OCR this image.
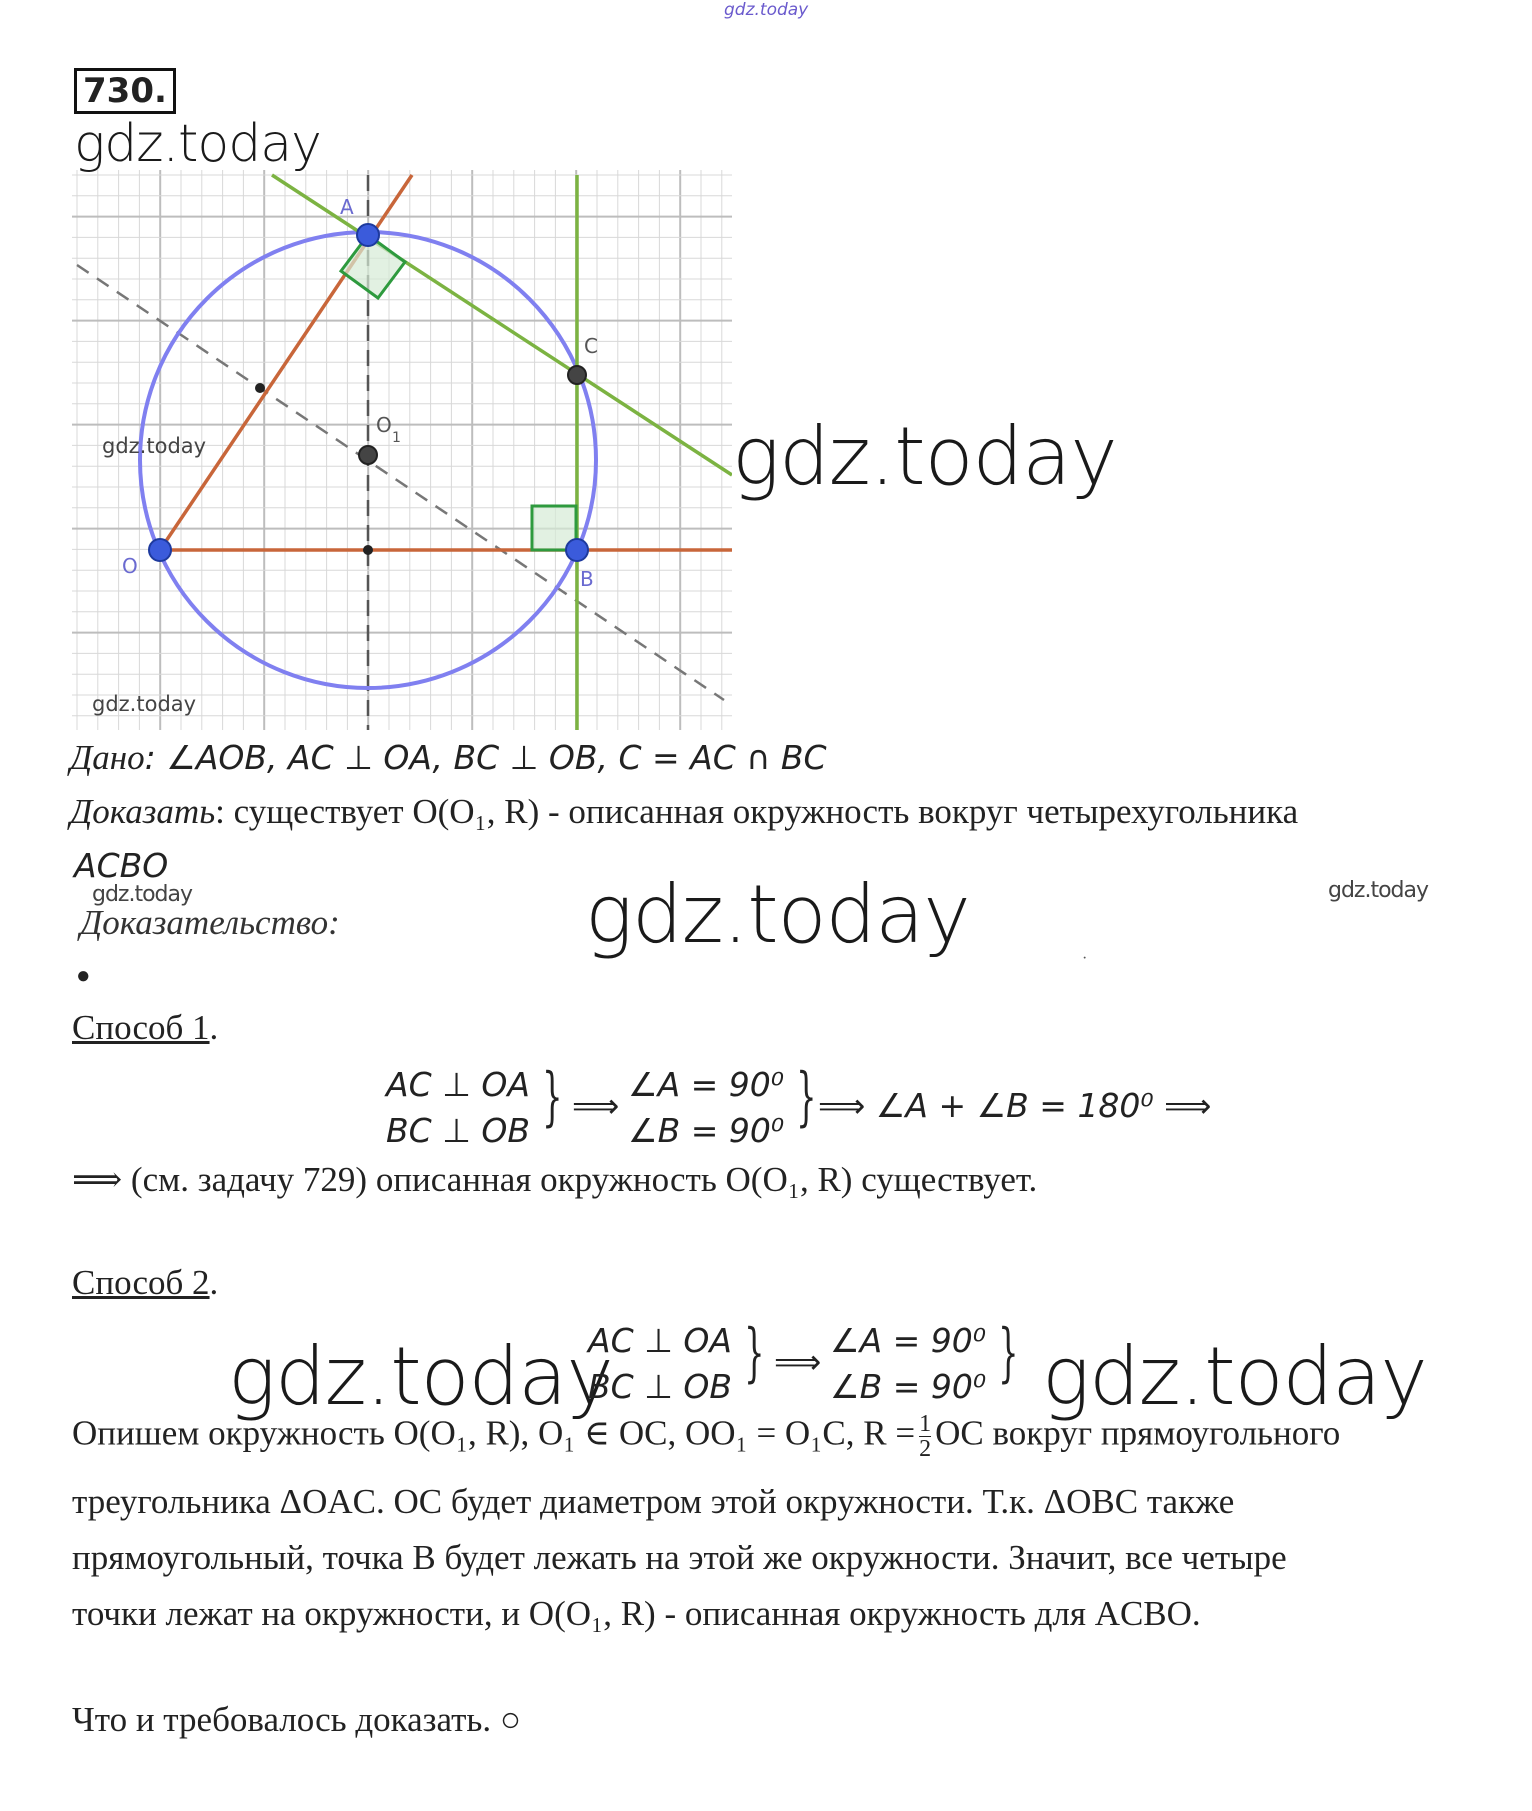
gdz.today
730.
gdz.today
A
C
B
O
O
1
gdz.today
gdz.today
gdz.today
Дано: ∠AOB, AC ⊥ OA, BC ⊥ OB, C = AC ∩ BC
Доказать: существует O(O₁, R) - описанная окружность вокруг четырехугольника
ACBO
gdz.today
Доказательство:	gdz.today	gdz.today
·
●
Способ 1.
AC ⊥ OA
BC ⊥ OB } ⟹
∠A = 90⁰
∠B = 90⁰ } ⟹ ∠A + ∠B = 180⁰ ⟹
⟹ (см. задачу 729) описанная окружность O(O₁, R) существует.
Способ 2.
gdz.today
AC ⊥ OA
BC ⊥ OB } ⟹
∠A = 90⁰
∠B = 90⁰ } gdz.today
Опишем окружность O(O₁, R), O₁ ∈ OC, OO₁ = O₁C, $R = \frac{1}{2}$ OC вокруг прямоугольного
треугольника ΔOAC. OC будет диаметром этой окружности. Т.к. ΔOBC также
прямоугольный, точка B будет лежать на этой же окружности. Значит, все четыре
точки лежат на окружности, и O(O₁, R) - описанная окружность для ACBO.
Что и требовалось доказать. ○
